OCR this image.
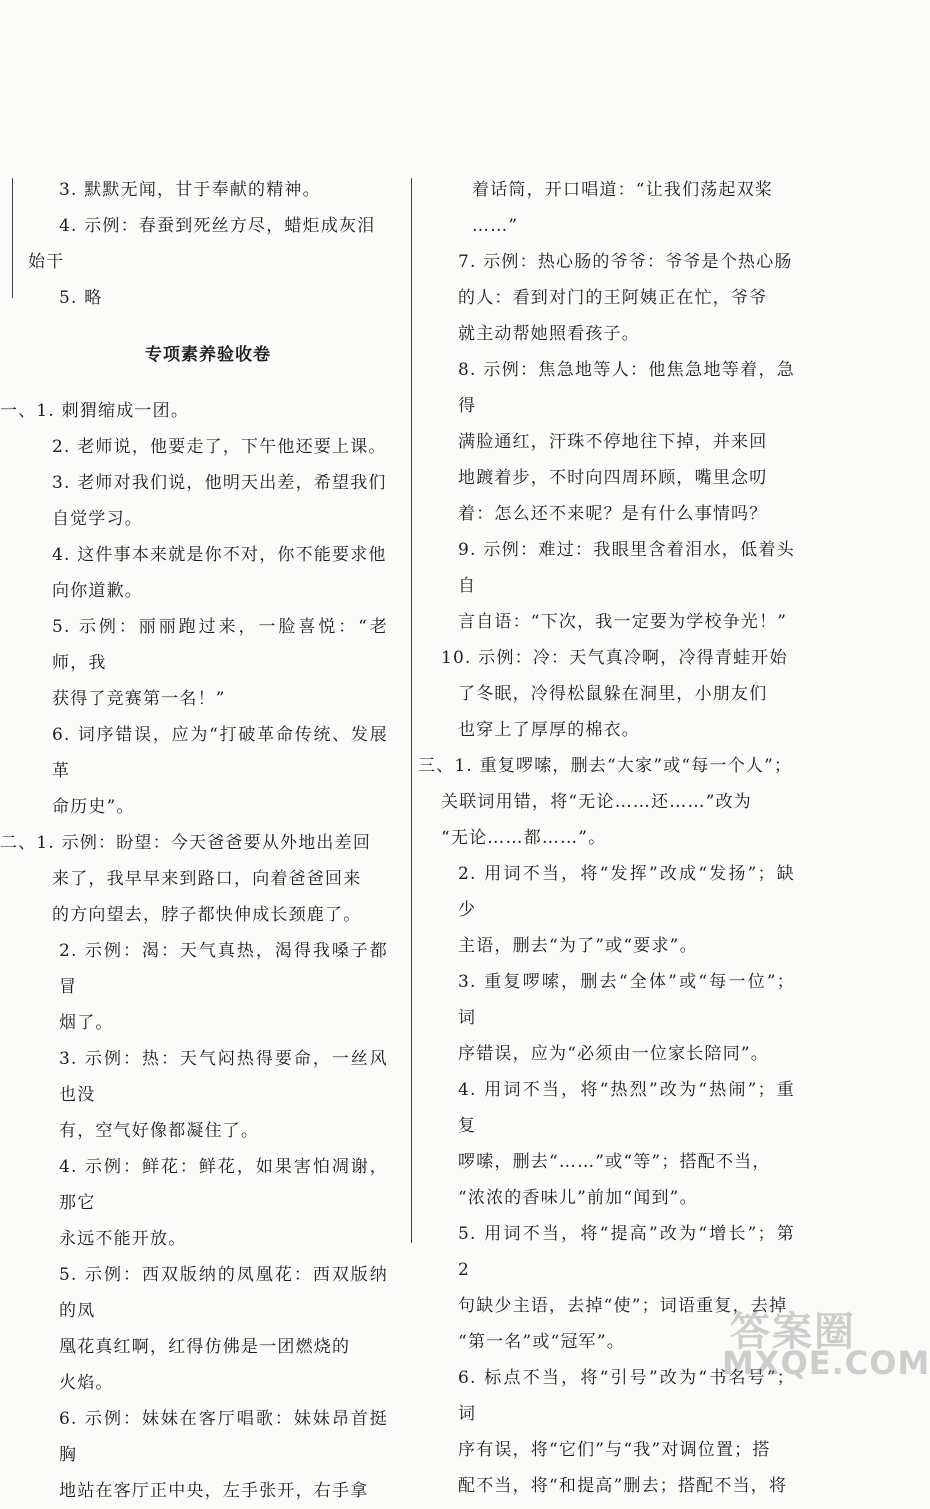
3. 默默无闻，甘于奉献的精神。

4. 示例：春蚕到死丝方尽，蜡炬成灰泪

始干

5. 略

专项素养验收卷

一、1. 刺猬缩成一团。

2. 老师说，他要走了，下午他还要上课。

3. 老师对我们说，他明天出差，希望我们

自觉学习。

4. 这件事本来就是你不对，你不能要求他

向你道歉。

5. 示例：丽丽跑过来，一脸喜悦：“老师，我

获得了竞赛第一名！”

6. 词序错误，应为“打破革命传统、发展革

命历史”。

二、1. 示例：盼望：今天爸爸要从外地出差回

来了，我早早来到路口，向着爸爸回来

的方向望去，脖子都快伸成长颈鹿了。

2. 示例：渴：天气真热，渴得我嗓子都冒

烟了。

3. 示例：热：天气闷热得要命，一丝风也没

有，空气好像都凝住了。

4. 示例：鲜花：鲜花，如果害怕凋谢，那它

永远不能开放。

5. 示例：西双版纳的凤凰花：西双版纳的凤

凰花真红啊，红得仿佛是一团燃烧的

火焰。

6. 示例：妹妹在客厅唱歌：妹妹昂首挺胸

地站在客厅正中央，左手张开，右手拿

着话筒，开口唱道：“让我们荡起双桨

……”

7. 示例：热心肠的爷爷：爷爷是个热心肠

的人：看到对门的王阿姨正在忙，爷爷

就主动帮她照看孩子。

8. 示例：焦急地等人：他焦急地等着，急得

满脸通红，汗珠不停地往下掉，并来回

地踱着步，不时向四周环顾，嘴里念叨

着：怎么还不来呢？是有什么事情吗？

9. 示例：难过：我眼里含着泪水，低着头自

言自语：“下次，我一定要为学校争光！”

10. 示例：冷：天气真冷啊，冷得青蛙开始

了冬眠，冷得松鼠躲在洞里，小朋友们

也穿上了厚厚的棉衣。

三、1. 重复啰嗦，删去“大家”或“每一个人”；

关联词用错，将“无论……还……”改为

“无论……都……”。

2. 用词不当，将“发挥”改成“发扬”；缺少

主语，删去“为了”或“要求”。

3. 重复啰嗦，删去“全体”或“每一位”；词

序错误，应为“必须由一位家长陪同”。

4. 用词不当，将“热烈”改为“热闹”；重复

啰嗦，删去“……”或“等”；搭配不当，

“浓浓的香味儿”前加“闻到”。

5. 用词不当，将“提高”改为“增长”；第 2

句缺少主语，去掉“使”；词语重复，去掉

“第一名”或“冠军”。

6. 标点不当，将“引号”改为“书名号”；词

序有误，将“它们”与“我”对调位置；搭

配不当，将“和提高”删去；搭配不当，将

答案圈
MXQE.COM
